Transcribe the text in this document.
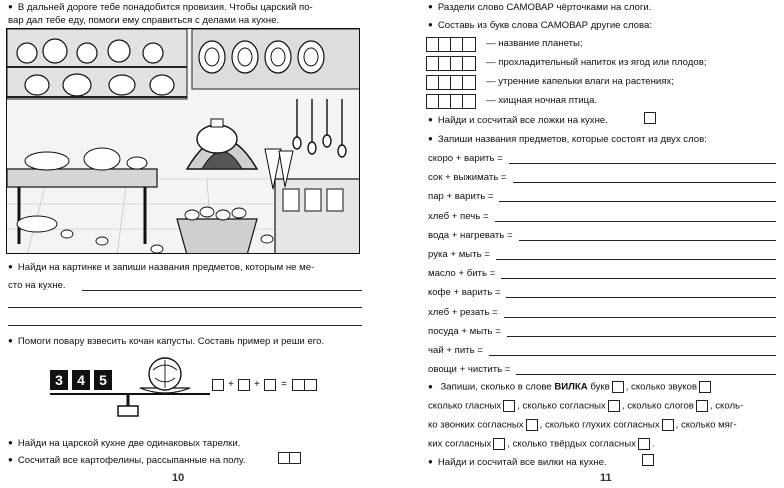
● В дальней дороге тебе понадобится провизия. Чтобы царский по-
вар дал тебе еду, помоги ему справиться с делами на кухне.
● Найди на картинке и запиши названия предметов, которым не ме-
сто на кухне.
● Помоги повару взвесить кочан капусты. Составь пример и реши его.
3	4	5	+ + =
● Найди на царской кухне две одинаковых тарелки.
● Сосчитай все картофелины, рассыпанные на полу.
10
● Раздели слово САМОВАР чёрточками на слоги.
● Составь из букв слова САМОВАР другие слова:
— название планеты;
— прохладительный напиток из ягод или плодов;
— утренние капельки влаги на растениях;
— хищная ночная птица.
● Найди и сосчитай все ложки на кухне.
● Запиши названия предметов, которые состоят из двух слов:
● Запиши, сколько в слове ВИЛКА букв , сколько звуков
сколько гласных , сколько согласных , сколько слогов , сколь-
ко звонких согласных , сколько глухих согласных , сколько мяг-
ких согласных , сколько твёрдых согласных .
● Найди и сосчитай все вилки на кухне.
11
скоро + варить =
сок + выжимать =
пар + варить =
хлеб + печь =
вода + нагревать =
рука + мыть =
масло + бить =
кофе + варить =
хлеб + резать =
посуда + мыть =
чай + пить =
овощи + чистить =
